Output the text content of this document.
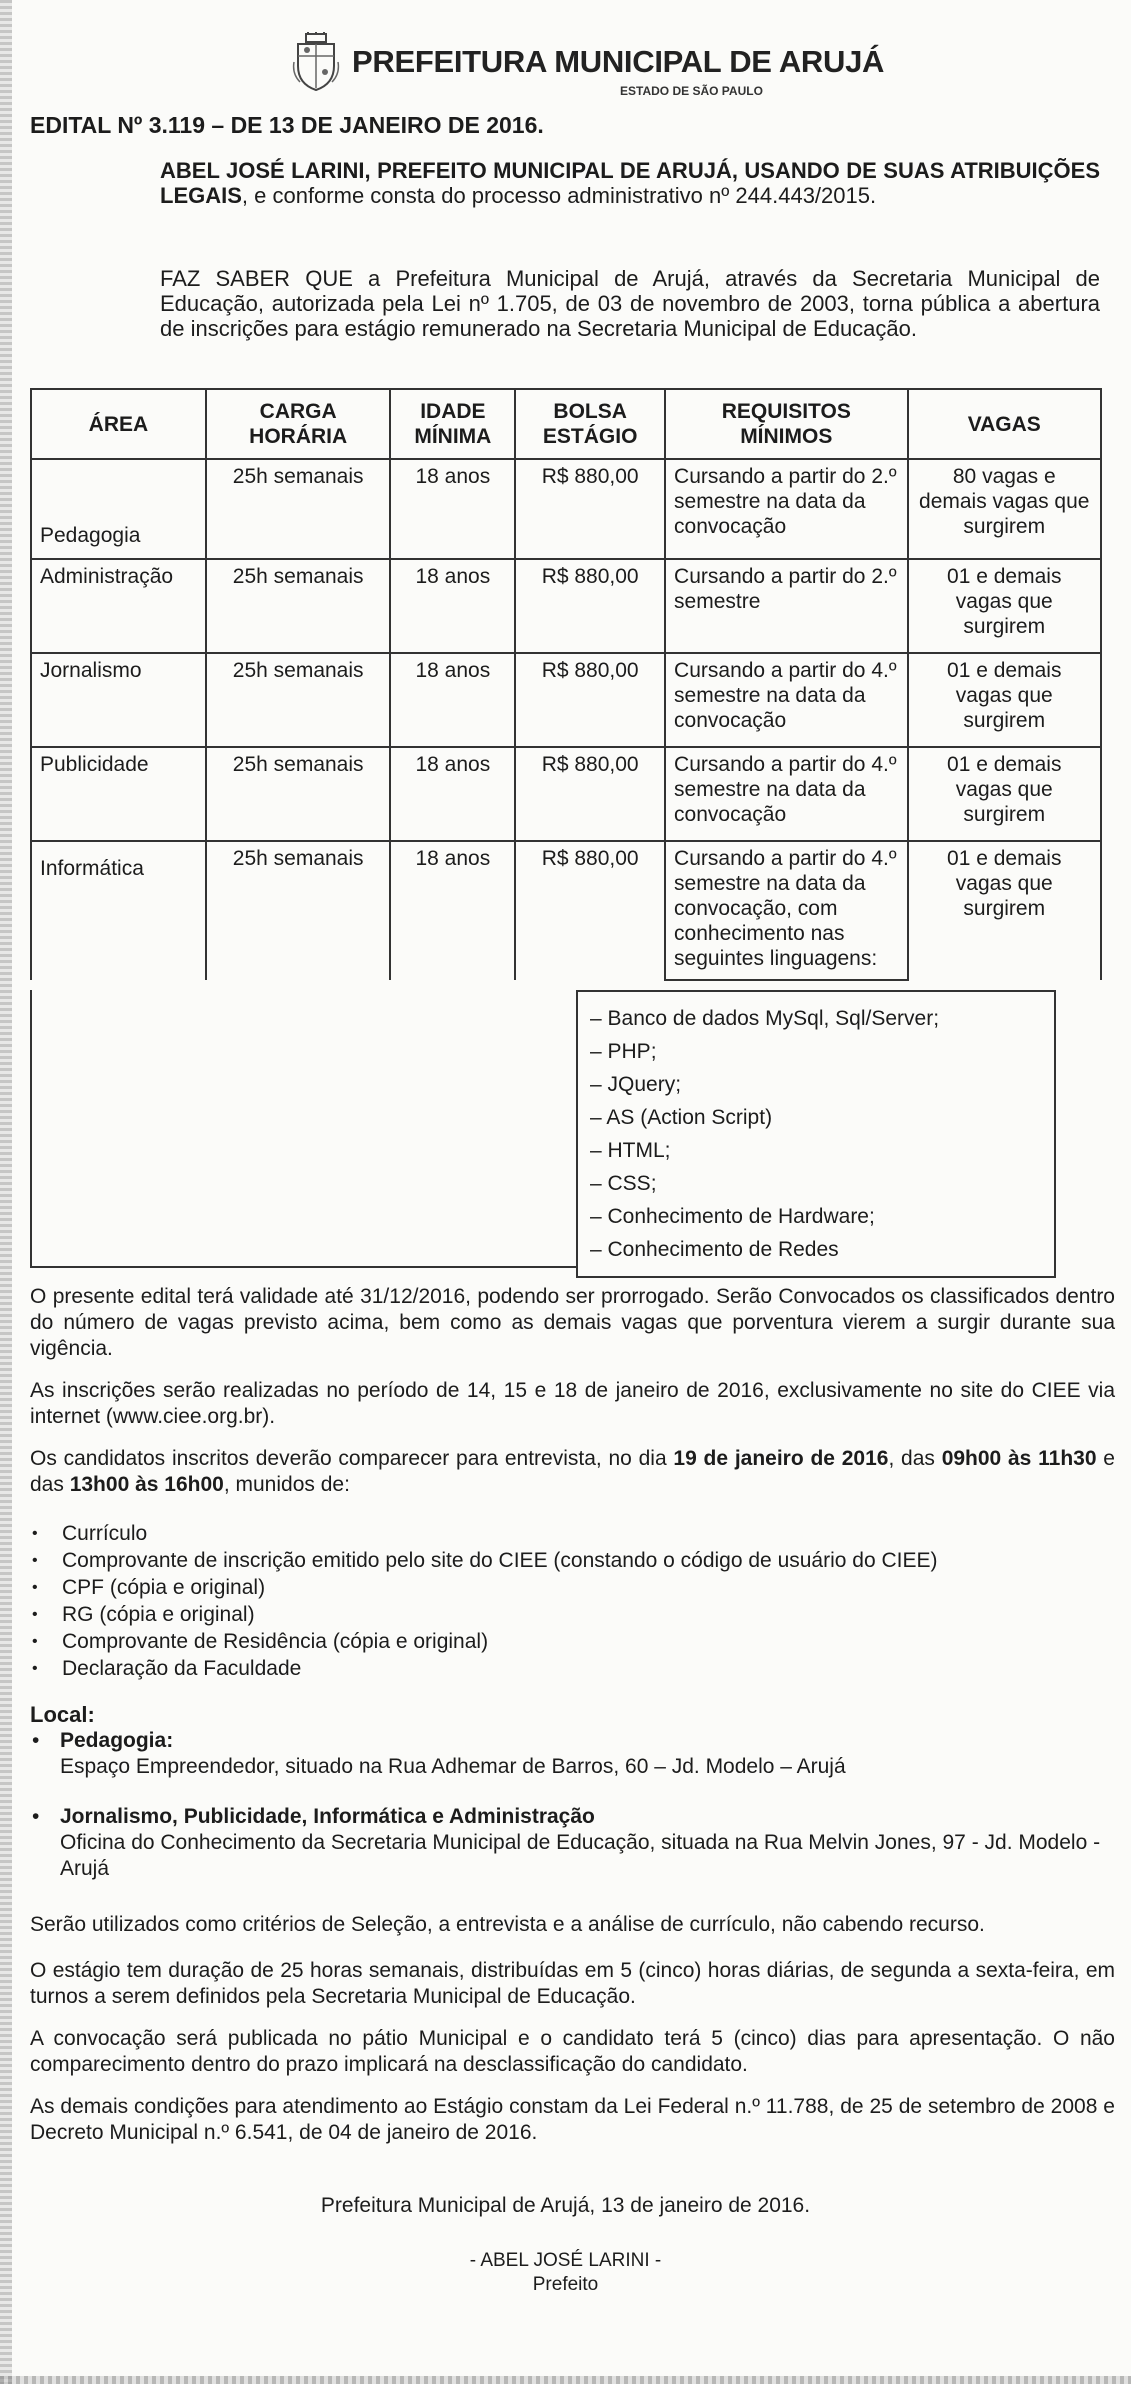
PREFEITURA MUNICIPAL DE ARUJÁ
ESTADO DE SÃO PAULO
EDITAL Nº 3.119 – DE 13 DE JANEIRO DE 2016.
ABEL JOSÉ LARINI, PREFEITO MUNICIPAL DE ARUJÁ, USANDO DE SUAS ATRIBUIÇÕES LEGAIS, e conforme consta do processo administrativo nº 244.443/2015.
FAZ SABER QUE a Prefeitura Municipal de Arujá, através da Secretaria Municipal de Educação, autorizada pela Lei nº 1.705, de 03 de novembro de 2003, torna pública a abertura de inscrições para estágio remunerado na Secretaria Municipal de Educação.
ÁREA	CARGA HORÁRIA	IDADE MÍNIMA	BOLSA ESTÁGIO	REQUISITOS MÍNIMOS	VAGAS
Pedagogia	25h semanais	18 anos	R$ 880,00	Cursando a partir do 2.º semestre na data da convocação	80 vagas e demais vagas que surgirem
Administração	25h semanais	18 anos	R$ 880,00	Cursando a partir do 2.º semestre	01 e demais vagas que surgirem
Jornalismo	25h semanais	18 anos	R$ 880,00	Cursando a partir do 4.º semestre na data da convocação	01 e demais vagas que surgirem
Publicidade	25h semanais	18 anos	R$ 880,00	Cursando a partir do 4.º semestre na data da convocação	01 e demais vagas que surgirem
Informática	25h semanais	18 anos	R$ 880,00	Cursando a partir do 4.º semestre na data da convocação, com conhecimento nas seguintes linguagens:	01 e demais vagas que surgirem
– Banco de dados MySql, Sql/Server;
– PHP;
– JQuery;
– AS (Action Script)
– HTML;
– CSS;
– Conhecimento de Hardware;
– Conhecimento de Redes
O presente edital terá validade até 31/12/2016, podendo ser prorrogado. Serão Convocados os classificados dentro do número de vagas previsto acima, bem como as demais vagas que porventura vierem a surgir durante sua vigência.
As inscrições serão realizadas no período de 14, 15 e 18 de janeiro de 2016, exclusivamente no site do CIEE via internet (www.ciee.org.br).
Os candidatos inscritos deverão comparecer para entrevista, no dia 19 de janeiro de 2016, das 09h00 às 11h30 e das 13h00 às 16h00, munidos de:
• Currículo
• Comprovante de inscrição emitido pelo site do CIEE (constando o código de usuário do CIEE)
• CPF (cópia e original)
• RG (cópia e original)
• Comprovante de Residência (cópia e original)
• Declaração da Faculdade
Local:
• Pedagogia:
Espaço Empreendedor, situado na Rua Adhemar de Barros, 60 – Jd. Modelo – Arujá
• Jornalismo, Publicidade, Informática e Administração
Oficina do Conhecimento da Secretaria Municipal de Educação, situada na Rua Melvin Jones, 97 - Jd. Modelo - Arujá
Serão utilizados como critérios de Seleção, a entrevista e a análise de currículo, não cabendo recurso.
O estágio tem duração de 25 horas semanais, distribuídas em 5 (cinco) horas diárias, de segunda a sexta-feira, em turnos a serem definidos pela Secretaria Municipal de Educação.
A convocação será publicada no pátio Municipal e o candidato terá 5 (cinco) dias para apresentação. O não comparecimento dentro do prazo implicará na desclassificação do candidato.
As demais condições para atendimento ao Estágio constam da Lei Federal n.º 11.788, de 25 de setembro de 2008 e Decreto Municipal n.º 6.541, de 04 de janeiro de 2016.
Prefeitura Municipal de Arujá, 13 de janeiro de 2016.
- ABEL JOSÉ LARINI -
Prefeito
